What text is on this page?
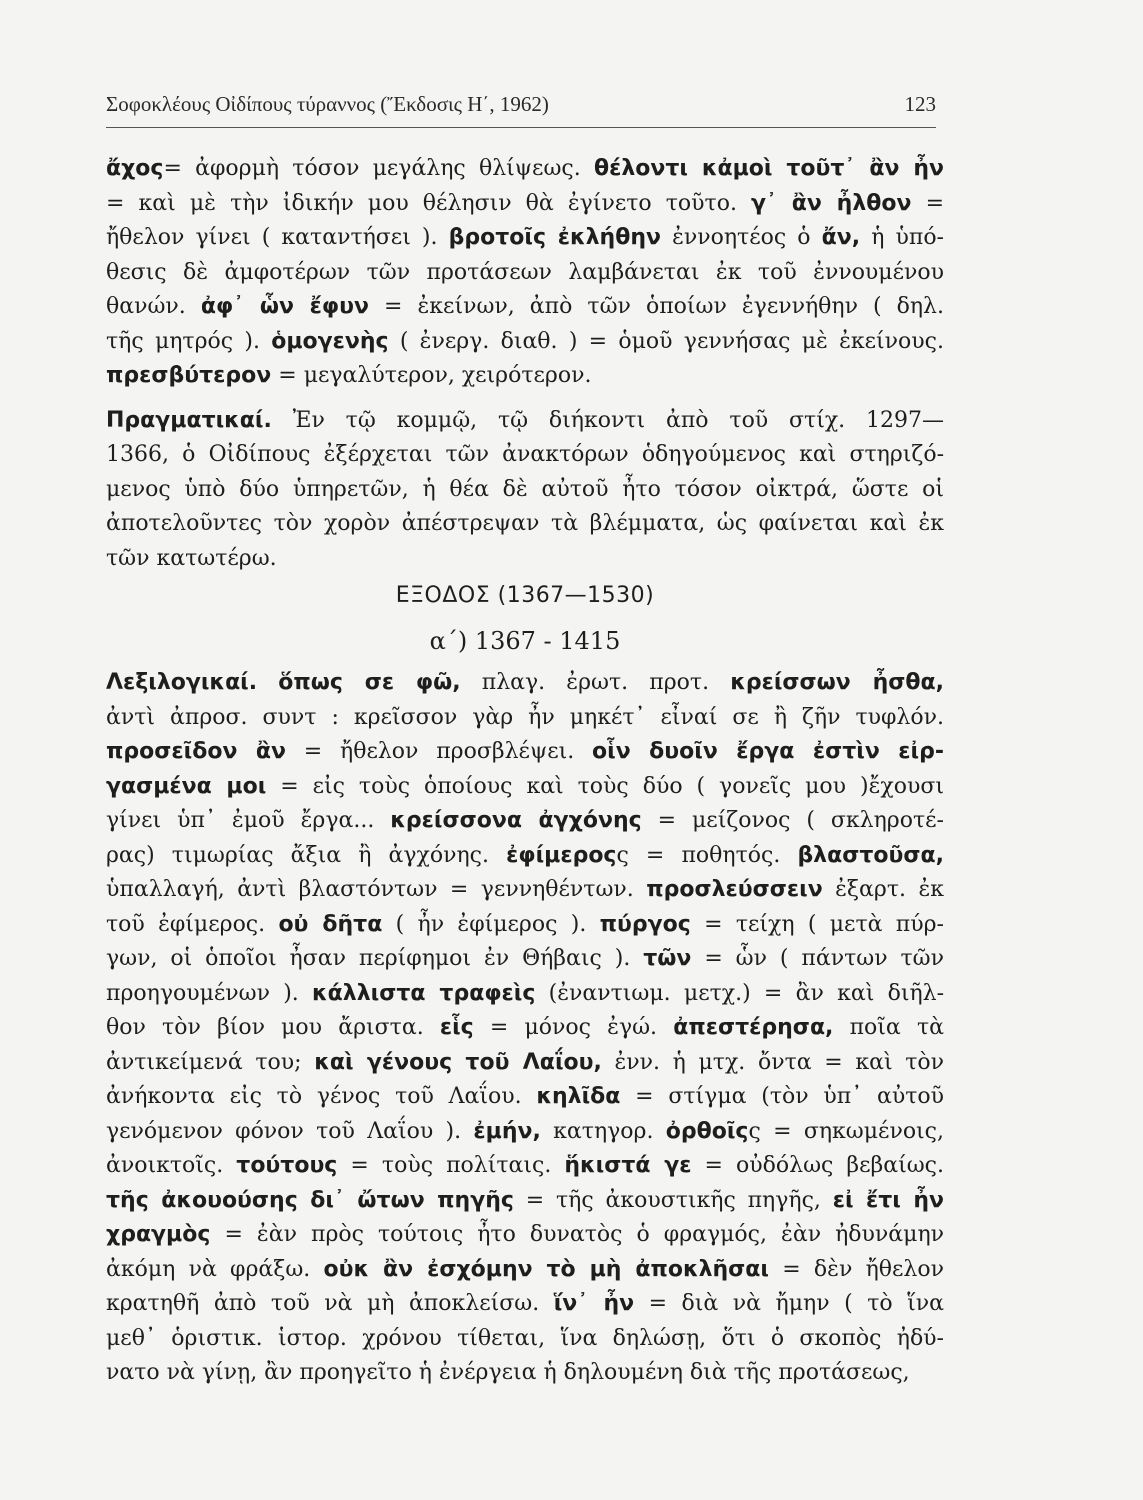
Σοφοκλέους Οἰδίπους τύραννος (Ἔκδοσις Η΄, 1962)	123
ἄχος= ἀφορμὴ τόσον μεγάλης θλίψεως. θέλοντι κἀμοὶ τοῦτ᾽ ἂν ἦν
= καὶ μὲ τὴν ἰδικήν μου θέλησιν θὰ ἐγίνετο τοῦτο. γ᾽ ἂν ἦλθον =
ἤθελον γίνει ( καταντήσει ). βροτοῖς ἐκλήθην ἐννοητέος ὁ ἄν, ἡ ὑπό-
θεσις δὲ ἀμφοτέρων τῶν προτάσεων λαμβάνεται ἐκ τοῦ ἐννουμένου
θανών. ἀφ᾽ ὧν ἔφυν = ἐκείνων, ἀπὸ τῶν ὁποίων ἐγεννήθην ( δηλ.
τῆς μητρός ). ὁμογενὴς ( ἐνεργ. διαθ. ) = ὁμοῦ γεννήσας μὲ ἐκείνους.
πρεσβύτερον = μεγαλύτερον, χειρότερον.
Πραγματικαί. Ἐν τῷ κομμῷ, τῷ διήκοντι ἀπὸ τοῦ στίχ. 1297—
1366, ὁ Οἰδίπους ἐξέρχεται τῶν ἀνακτόρων ὁδηγούμενος καὶ στηριζό-
μενος ὑπὸ δύο ὑπηρετῶν, ἡ θέα δὲ αὐτοῦ ἦτο τόσον οἰκτρά, ὥστε οἱ
ἀποτελοῦντες τὸν χορὸν ἀπέστρεψαν τὰ βλέμματα, ὡς φαίνεται καὶ ἐκ
τῶν κατωτέρω.
ΕΞΟΔΟΣ (1367—1530)
α΄) 1367 - 1415
Λεξιλογικαί. ὅπως σε φῶ, πλαγ. ἐρωτ. προτ. κρείσσων ἦσθα,
ἀντὶ ἀπροσ. συντ : κρεῖσσον γὰρ ἦν μηκέτ᾽ εἶναί σε ἢ ζῆν τυφλόν.
προσεῖδον ἂν = ἤθελον προσβλέψει. οἷν δυοῖν ἔργα ἐστὶν εἰρ-
γασμένα μοι = εἰς τοὺς ὁποίους καὶ τοὺς δύο ( γονεῖς μου )ἔχουσι
γίνει ὑπ᾽ ἐμοῦ ἔργα... κρείσσονα ἀγχόνης = μείζονος ( σκληροτέ-
ρας) τιμωρίας ἄξια ἢ ἀγχόνης. ἐφίμεροςς = ποθητός. βλαστοῦσα,
ὑπαλλαγή, ἀντὶ βλαστόντων = γεννηθέντων. προσλεύσσειν ἐξαρτ. ἐκ
τοῦ ἐφίμερος. οὐ δῆτα ( ἦν ἐφίμερος ). πύργος = τείχη ( μετὰ πύρ-
γων, οἱ ὁποῖοι ἦσαν περίφημοι ἐν Θήβαις ). τῶν = ὧν ( πάντων τῶν
προηγουμένων ). κάλλιστα τραφεὶς (ἐναντιωμ. μετχ.) = ἂν καὶ διῆλ-
θον τὸν βίον μου ἄριστα. εἷς = μόνος ἐγώ. ἀπεστέρησα, ποῖα τὰ
ἀντικείμενά του; καὶ γένους τοῦ Λαΐου, ἐνν. ἡ μτχ. ὄντα = καὶ τὸν
ἀνήκοντα εἰς τὸ γένος τοῦ Λαΐου. κηλῖδα = στίγμα (τὸν ὑπ᾽ αὐτοῦ
γενόμενον φόνον τοῦ Λαΐου ). ἐμήν, κατηγορ. ὀρθοῖςς = σηκωμένοις,
ἀνοικτοῖς. τούτους = τοὺς πολίταις. ἥκιστά γε = οὐδόλως βεβαίως.
τῆς ἀκουούσης δι᾽ ὤτων πηγῆς = τῆς ἀκουστικῆς πηγῆς, εἰ ἔτι ἦν
χραγμὸς = ἐὰν πρὸς τούτοις ἦτο δυνατὸς ὁ φραγμός, ἐὰν ἠδυνάμην
ἀκόμη νὰ φράξω. οὐκ ἂν ἐσχόμην τὸ μὴ ἀποκλῆσαι = δὲν ἤθελον
κρατηθῆ ἀπὸ τοῦ νὰ μὴ ἀποκλείσω. ἵν᾽ ἦν = διὰ νὰ ἤμην ( τὸ ἵνα
μεθ᾽ ὁριστικ. ἱστορ. χρόνου τίθεται, ἵνα δηλώσῃ, ὅτι ὁ σκοπὸς ἠδύ-
νατο νὰ γίνῃ, ἂν προηγεῖτο ἡ ἐνέργεια ἡ δηλουμένη διὰ τῆς προτάσεως,
